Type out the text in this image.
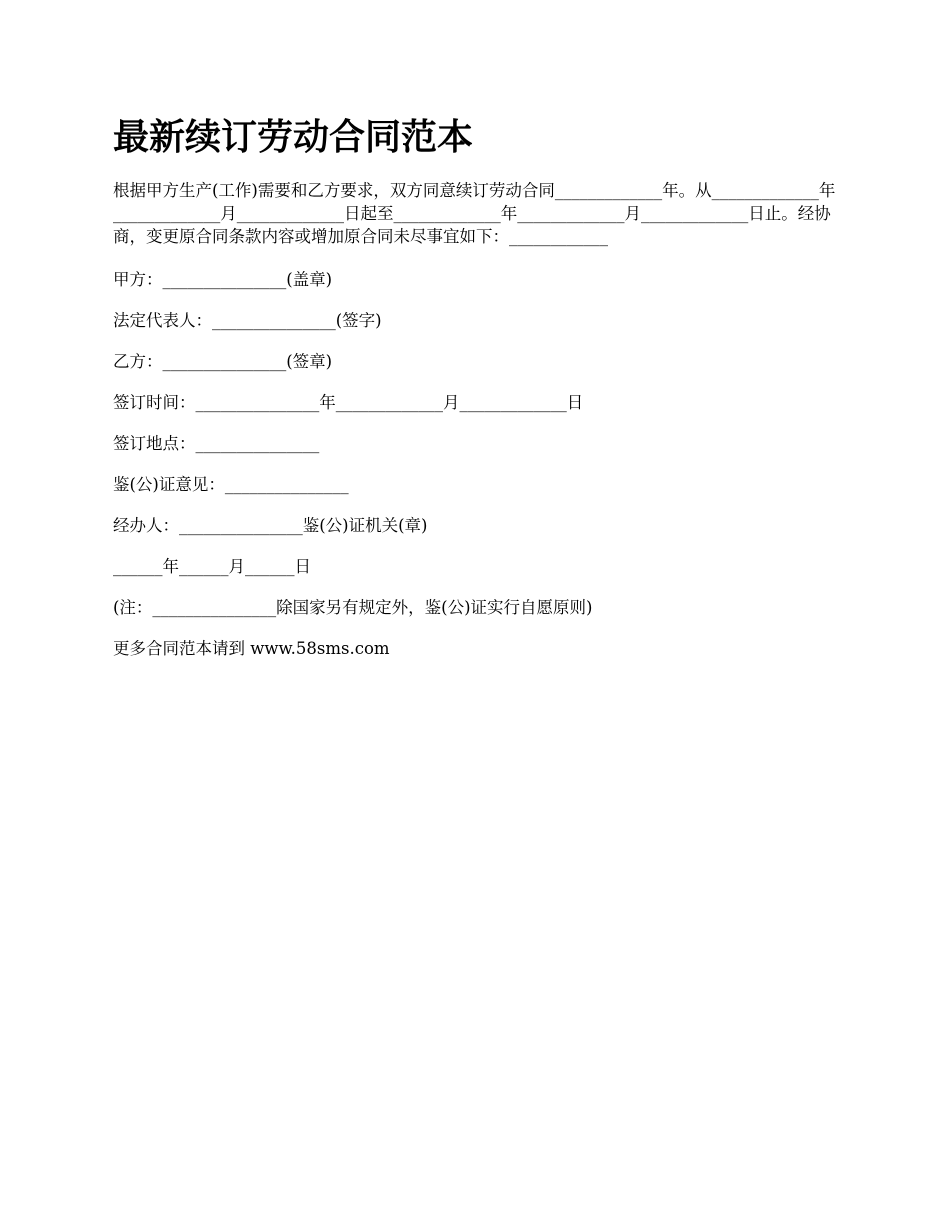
最新续订劳动合同范本

根据甲方生产(工作)需要和乙方要求，双方同意续订劳动合同_____________年。从_____________年_____________月_____________日起至_____________年_____________月_____________日止。经协商，变更原合同条款内容或增加原合同未尽事宜如下：____________

甲方：_______________(盖章)

法定代表人：_______________(签字)

乙方：_______________(签章)

签订时间：_______________年_____________月_____________日

签订地点：_______________

鉴(公)证意见：_______________

经办人：_______________鉴(公)证机关(章)

______年______月______日

(注：_______________除国家另有规定外，鉴(公)证实行自愿原则)

更多合同范本请到 www.58sms.com
